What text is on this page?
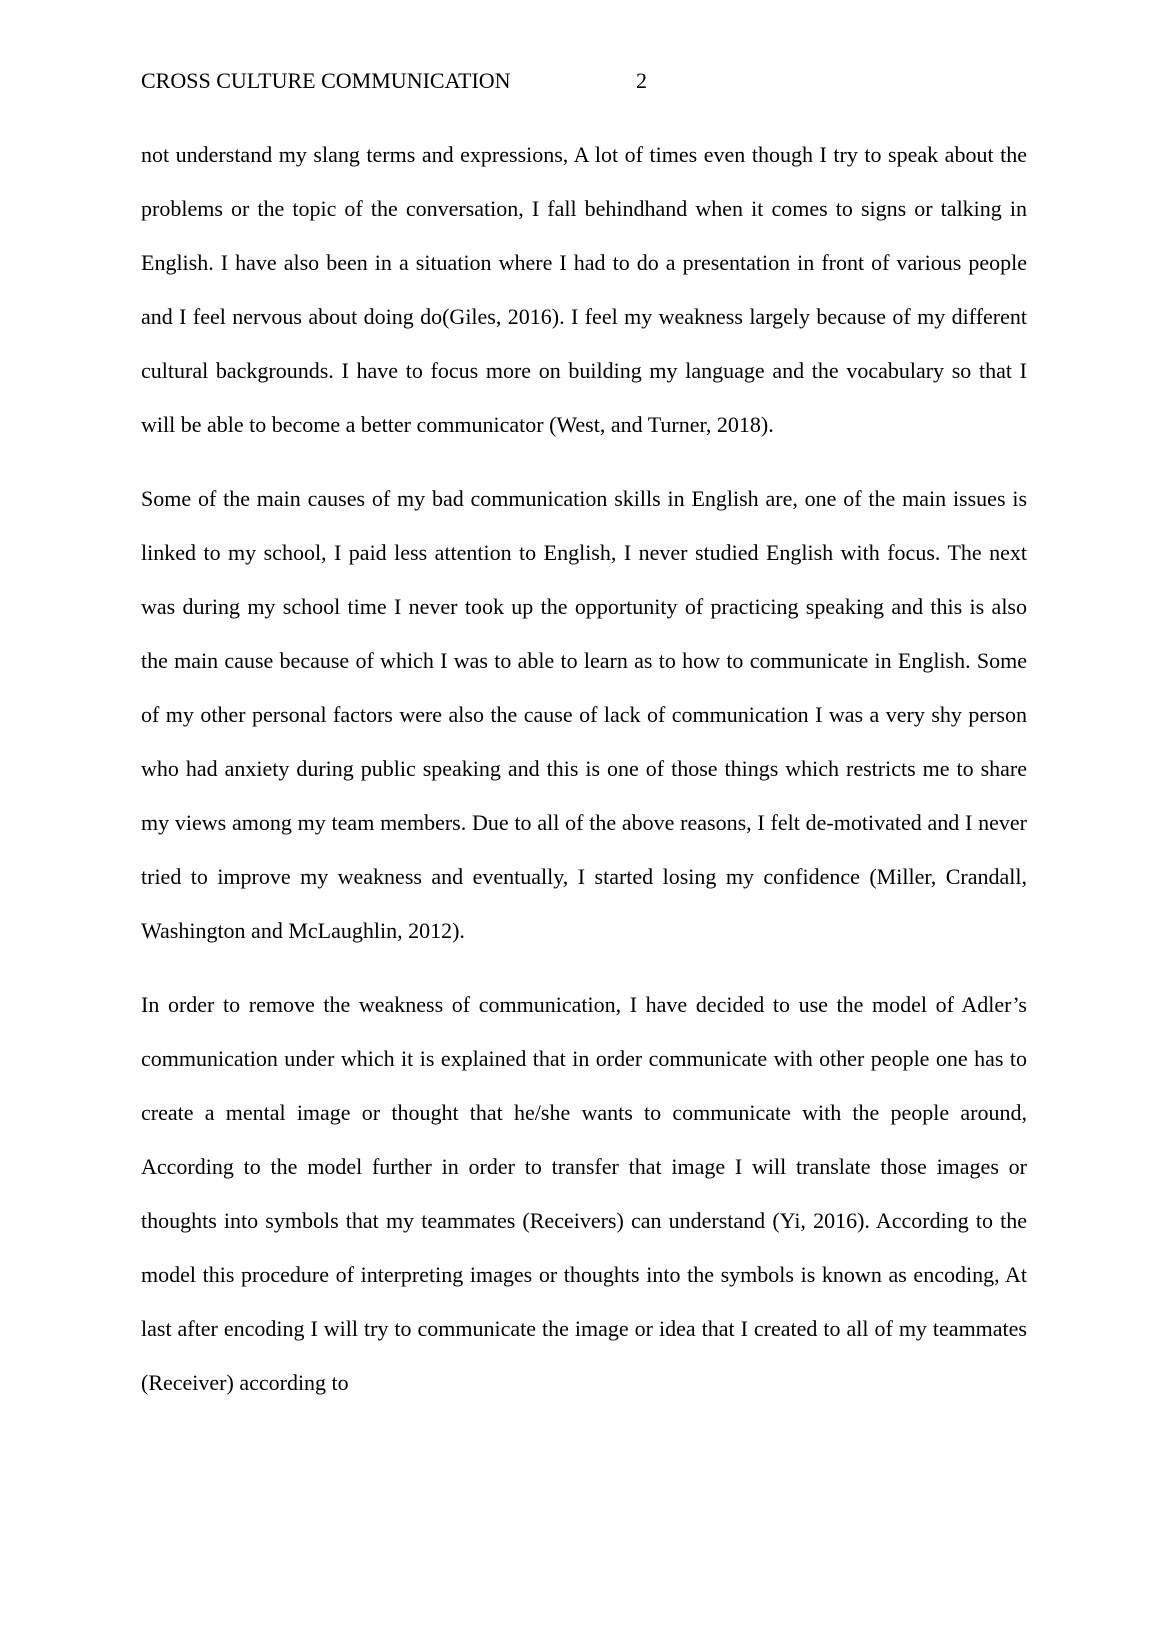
CROSS CULTURE COMMUNICATION	2

not understand my slang terms and expressions, A lot of times even though I try to speak about the problems or the topic of the conversation, I fall behindhand when it comes to signs or talking in English. I have also been in a situation where I had to do a presentation in front of various people and I feel nervous about doing do(Giles, 2016). I feel my weakness largely because of my different cultural backgrounds. I have to focus more on building my language and the vocabulary so that I will be able to become a better communicator (West, and Turner, 2018).

Some of the main causes of my bad communication skills in English are, one of the main issues is linked to my school, I paid less attention to English, I never studied English with focus. The next was during my school time I never took up the opportunity of practicing speaking and this is also the main cause because of which I was to able to learn as to how to communicate in English. Some of my other personal factors were also the cause of lack of communication I was a very shy person who had anxiety during public speaking and this is one of those things which restricts me to share my views among my team members. Due to all of the above reasons, I felt de-motivated and I never tried to improve my weakness and eventually, I started losing my confidence (Miller, Crandall, Washington and McLaughlin, 2012).

In order to remove the weakness of communication, I have decided to use the model of Adler’s communication under which it is explained that in order communicate with other people one has to create a mental image or thought that he/she wants to communicate with the people around, According to the model further in order to transfer that image I will translate those images or thoughts into symbols that my teammates (Receivers) can understand (Yi, 2016). According to the model this procedure of interpreting images or thoughts into the symbols is known as encoding, At last after encoding I will try to communicate the image or idea that I created to all of my teammates (Receiver) according to
